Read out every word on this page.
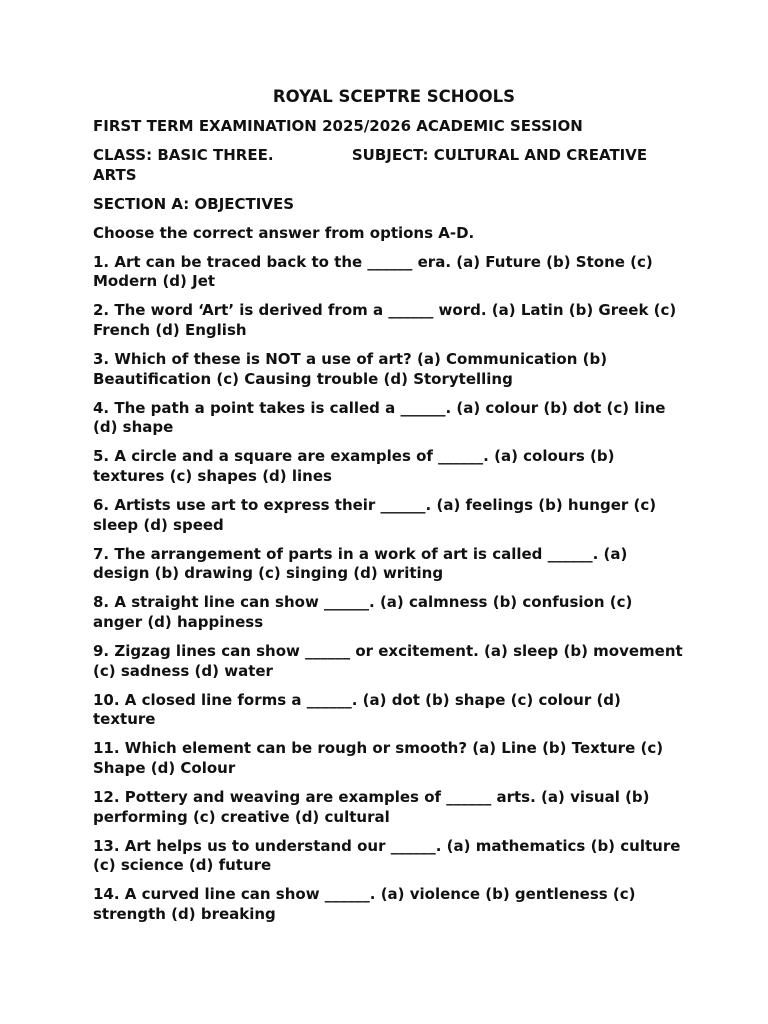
ROYAL SCEPTRE SCHOOLS
FIRST TERM EXAMINATION 2025/2026 ACADEMIC SESSION
CLASS: BASIC THREE.	SUBJECT: CULTURAL AND CREATIVE ARTS
SECTION A: OBJECTIVES
Choose the correct answer from options A-D.
1. Art can be traced back to the ______ era. (a) Future (b) Stone (c) Modern (d) Jet
2. The word ‘Art’ is derived from a ______ word. (a) Latin (b) Greek (c) French (d) English
3. Which of these is NOT a use of art? (a) Communication (b) Beautification (c) Causing trouble (d) Storytelling
4. The path a point takes is called a ______. (a) colour (b) dot (c) line (d) shape
5. A circle and a square are examples of ______. (a) colours (b) textures (c) shapes (d) lines
6. Artists use art to express their ______. (a) feelings (b) hunger (c) sleep (d) speed
7. The arrangement of parts in a work of art is called ______. (a) design (b) drawing (c) singing (d) writing
8. A straight line can show ______. (a) calmness (b) confusion (c) anger (d) happiness
9. Zigzag lines can show ______ or excitement. (a) sleep (b) movement (c) sadness (d) water
10. A closed line forms a ______. (a) dot (b) shape (c) colour (d) texture
11. Which element can be rough or smooth? (a) Line (b) Texture (c) Shape (d) Colour
12. Pottery and weaving are examples of ______ arts. (a) visual (b) performing (c) creative (d) cultural
13. Art helps us to understand our ______. (a) mathematics (b) culture (c) science (d) future
14. A curved line can show ______. (a) violence (b) gentleness (c) strength (d) breaking
